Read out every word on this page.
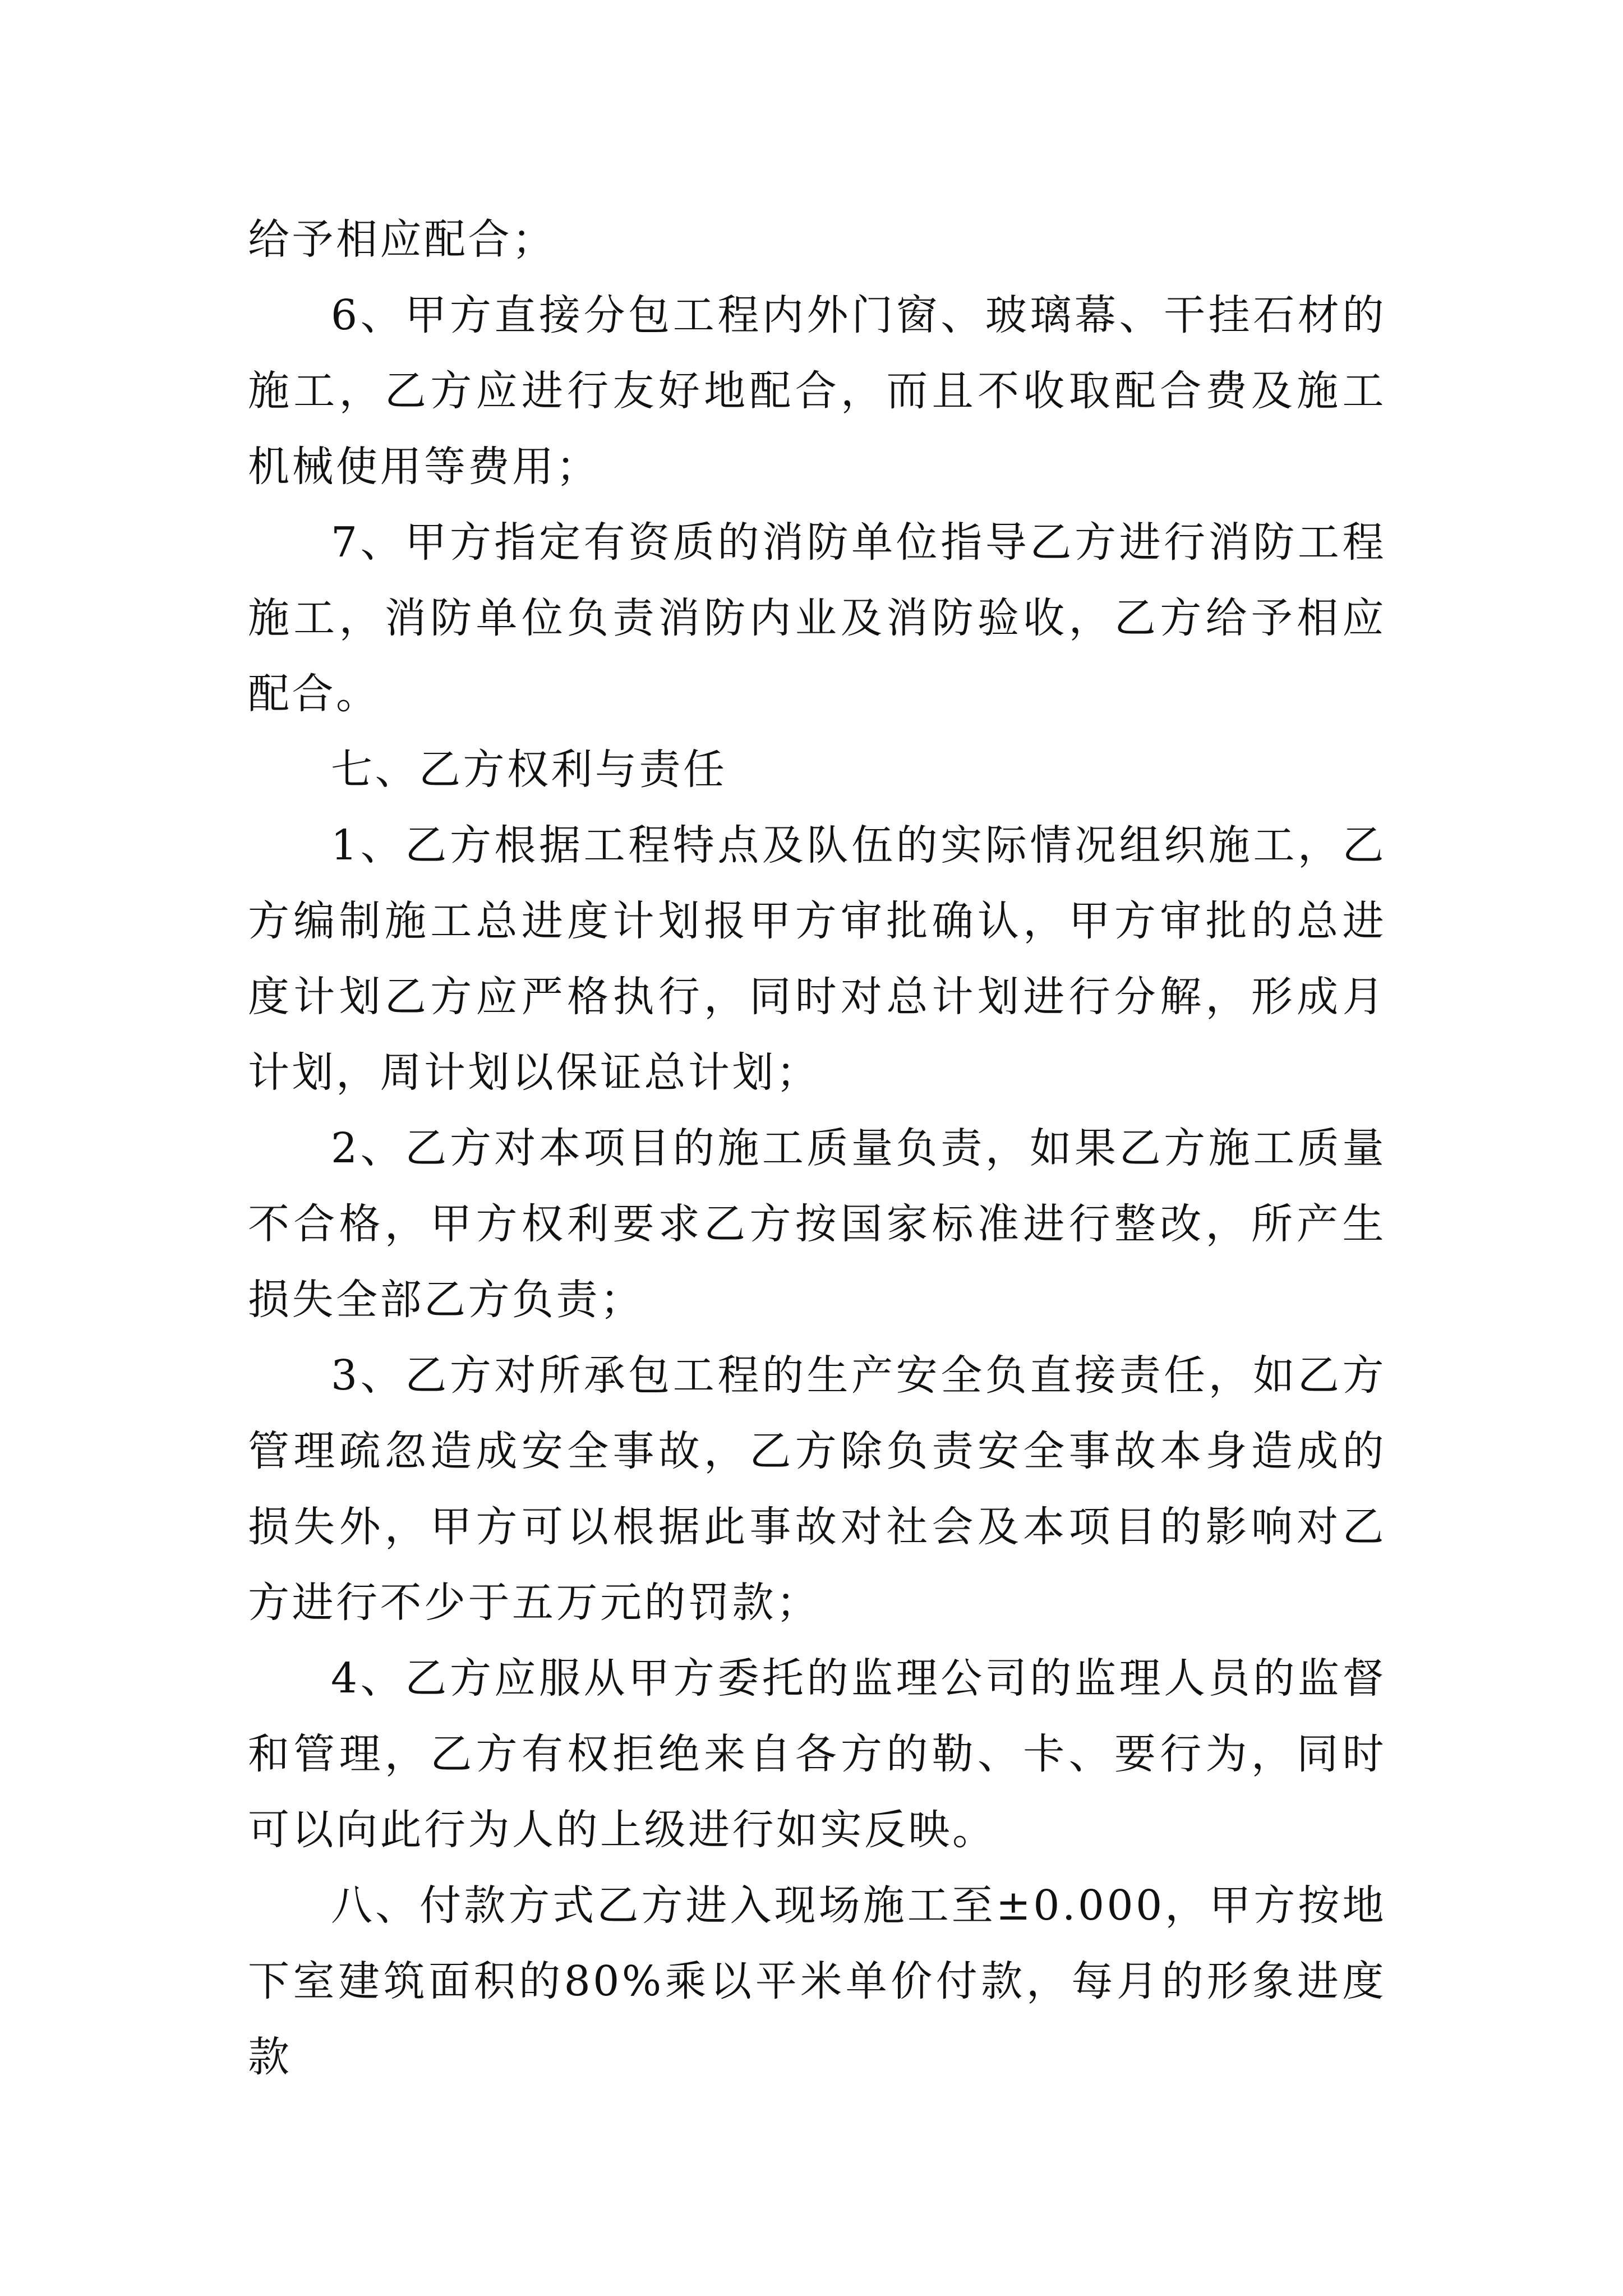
给予相应配合；

6、甲方直接分包工程内外门窗、玻璃幕、干挂石材的施工，乙方应进行友好地配合，而且不收取配合费及施工机械使用等费用；

7、甲方指定有资质的消防单位指导乙方进行消防工程施工，消防单位负责消防内业及消防验收，乙方给予相应配合。

七、乙方权利与责任

1、乙方根据工程特点及队伍的实际情况组织施工，乙方编制施工总进度计划报甲方审批确认，甲方审批的总进度计划乙方应严格执行，同时对总计划进行分解，形成月计划，周计划以保证总计划；

2、乙方对本项目的施工质量负责，如果乙方施工质量不合格，甲方权利要求乙方按国家标准进行整改，所产生损失全部乙方负责；

3、乙方对所承包工程的生产安全负直接责任，如乙方管理疏忽造成安全事故，乙方除负责安全事故本身造成的损失外，甲方可以根据此事故对社会及本项目的影响对乙方进行不少于五万元的罚款；

4、乙方应服从甲方委托的监理公司的监理人员的监督和管理，乙方有权拒绝来自各方的勒、卡、要行为，同时可以向此行为人的上级进行如实反映。

八、付款方式乙方进入现场施工至±0.000，甲方按地下室建筑面积的80%乘以平米单价付款，每月的形象进度款
